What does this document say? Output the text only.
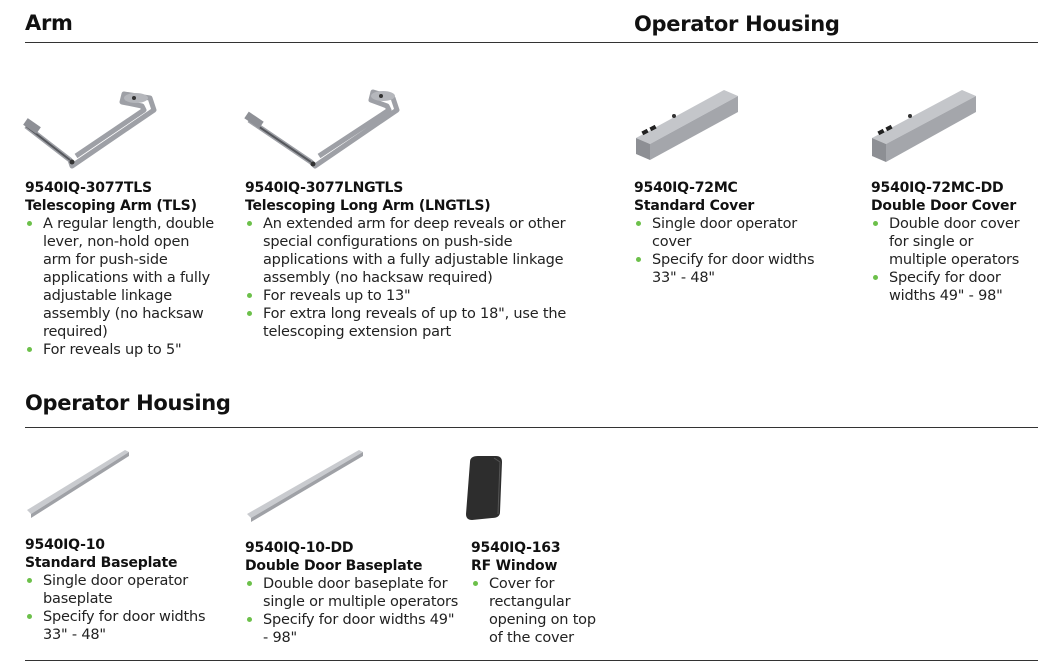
Arm	Operator Housing
Operator Housing
9540IQ-3077TLS
Telescoping Arm (TLS)
A regular length, double lever, non-hold open arm for push-side applications with a fully adjustable linkage assembly (no hacksaw required)
For reveals up to 5"
9540IQ-3077LNGTLS
Telescoping Long Arm (LNGTLS)
An extended arm for deep reveals or other special configurations on push-side applications with a fully adjustable linkage assembly (no hacksaw required)
For reveals up to 13"
For extra long reveals of up to 18", use the telescoping extension part
9540IQ-72MC
Standard Cover
Single door operator cover
Specify for door widths 33" - 48"
9540IQ-72MC-DD
Double Door Cover
Double door cover for single or multiple operators
Specify for door widths 49" - 98"
9540IQ-10
Standard Baseplate
Single door operator baseplate
Specify for door widths 33" - 48"
9540IQ-10-DD
Double Door Baseplate
Double door baseplate for single or multiple operators
Specify for door widths 49" - 98"
9540IQ-163
RF Window
Cover for rectangular opening on top of the cover
